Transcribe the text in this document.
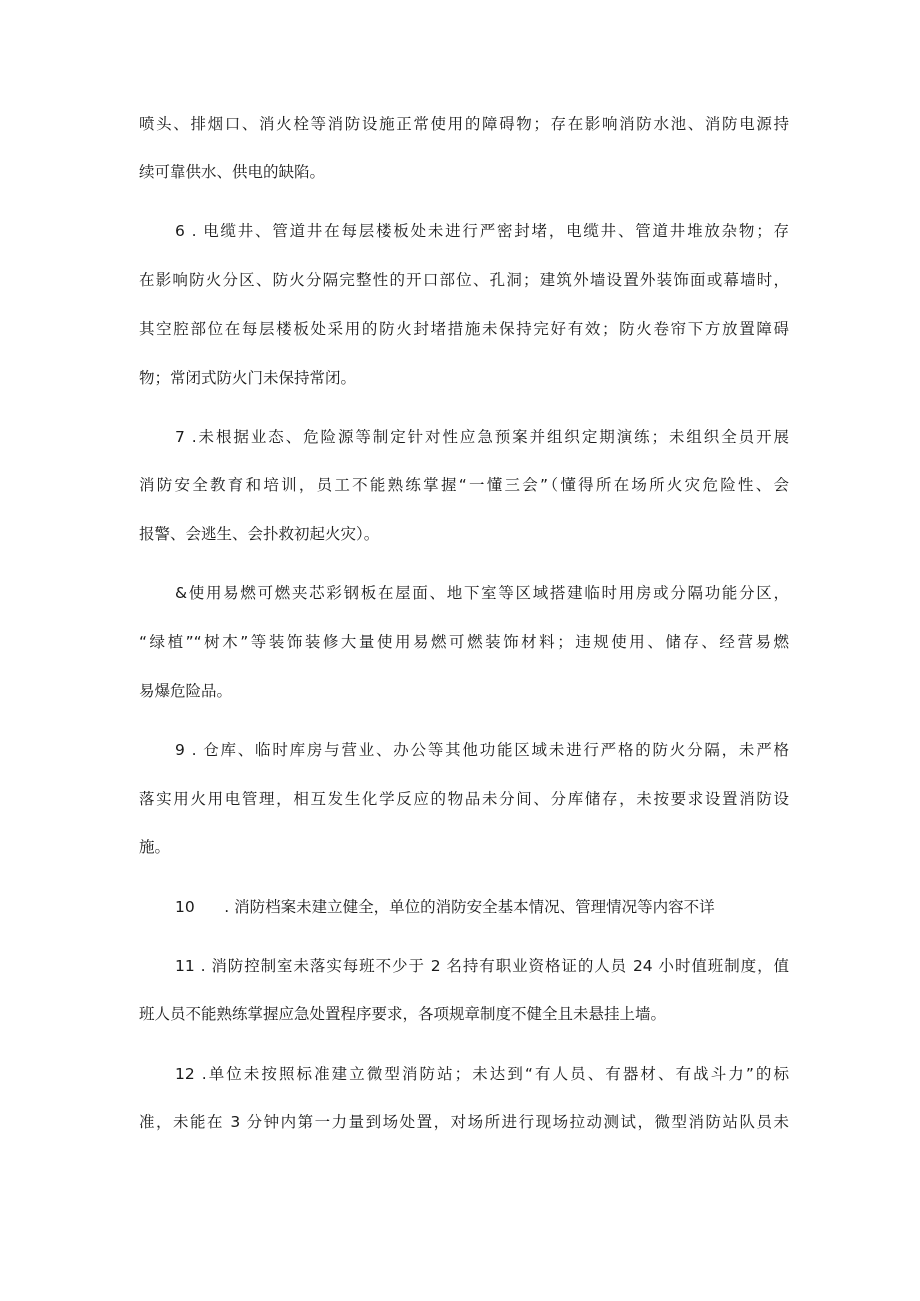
喷头、排烟口、消火栓等消防设施正常使用的障碍物；存在影响消防水池、消防电源持
续可靠供水、供电的缺陷。
6 . 电缆井、管道井在每层楼板处未进行严密封堵，电缆井、管道井堆放杂物；存
在影响防火分区、防火分隔完整性的开口部位、孔洞；建筑外墙设置外装饰面或幕墙时，
其空腔部位在每层楼板处采用的防火封堵措施未保持完好有效；防火卷帘下方放置障碍
物；常闭式防火门未保持常闭。
7 .未根据业态、危险源等制定针对性应急预案并组织定期演练；未组织全员开展
消防安全教育和培训，员工不能熟练掌握“一懂三会”（懂得所在场所火灾危险性、会
报警、会逃生、会扑救初起火灾）。
&使用易燃可燃夹芯彩钢板在屋面、地下室等区域搭建临时用房或分隔功能分区，
“绿植”“树木”等装饰装修大量使用易燃可燃装饰材料；违规使用、储存、经营易燃
易爆危险品。
9 . 仓库、临时库房与营业、办公等其他功能区域未进行严格的防火分隔，未严格
落实用火用电管理，相互发生化学反应的物品未分间、分库储存，未按要求设置消防设
施。
10      . 消防档案未建立健全，单位的消防安全基本情况、管理情况等内容不详
11 . 消防控制室未落实每班不少于 2 名持有职业资格证的人员 24 小时值班制度，值
班人员不能熟练掌握应急处置程序要求，各项规章制度不健全且未悬挂上墙。
12 .单位未按照标准建立微型消防站；未达到“有人员、有器材、有战斗力”的标
准，未能在 3 分钟内第一力量到场处置，对场所进行现场拉动测试，微型消防站队员未
